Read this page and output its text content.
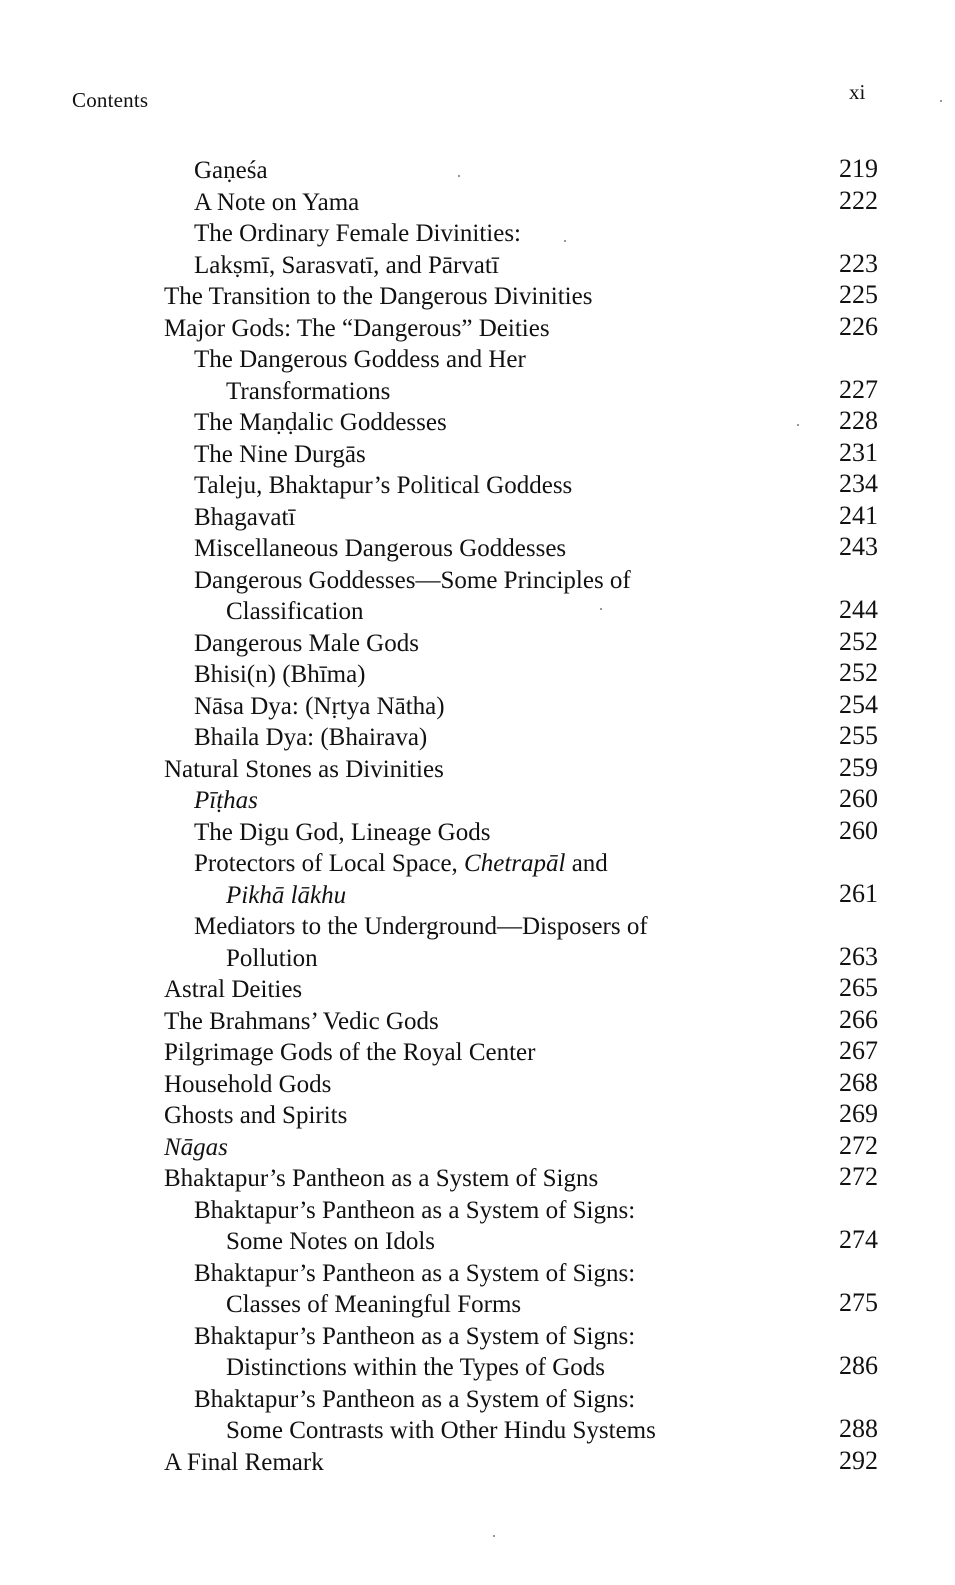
Contents	xi
Gaṇeśa	219
A Note on Yama	222
The Ordinary Female Divinities:
Lakṣmī, Sarasvatī, and Pārvatī	223
The Transition to the Dangerous Divinities	225
Major Gods: The “Dangerous” Deities	226
The Dangerous Goddess and Her
Transformations	227
The Maṇḍalic Goddesses	228
The Nine Durgās	231
Taleju, Bhaktapur’s Political Goddess	234
Bhagavatī	241
Miscellaneous Dangerous Goddesses	243
Dangerous Goddesses—Some Principles of
Classification	244
Dangerous Male Gods	252
Bhisi(n) (Bhīma)	252
Nāsa Dya: (Nṛtya Nātha)	254
Bhaila Dya: (Bhairava)	255
Natural Stones as Divinities	259
Pīṭhas	260
The Digu God, Lineage Gods	260
Protectors of Local Space, Chetrapāl and
Pikhā lākhu	261
Mediators to the Underground—Disposers of
Pollution	263
Astral Deities	265
The Brahmans’ Vedic Gods	266
Pilgrimage Gods of the Royal Center	267
Household Gods	268
Ghosts and Spirits	269
Nāgas	272
Bhaktapur’s Pantheon as a System of Signs	272
Bhaktapur’s Pantheon as a System of Signs:
Some Notes on Idols	274
Bhaktapur’s Pantheon as a System of Signs:
Classes of Meaningful Forms	275
Bhaktapur’s Pantheon as a System of Signs:
Distinctions within the Types of Gods	286
Bhaktapur’s Pantheon as a System of Signs:
Some Contrasts with Other Hindu Systems	288
A Final Remark	292
